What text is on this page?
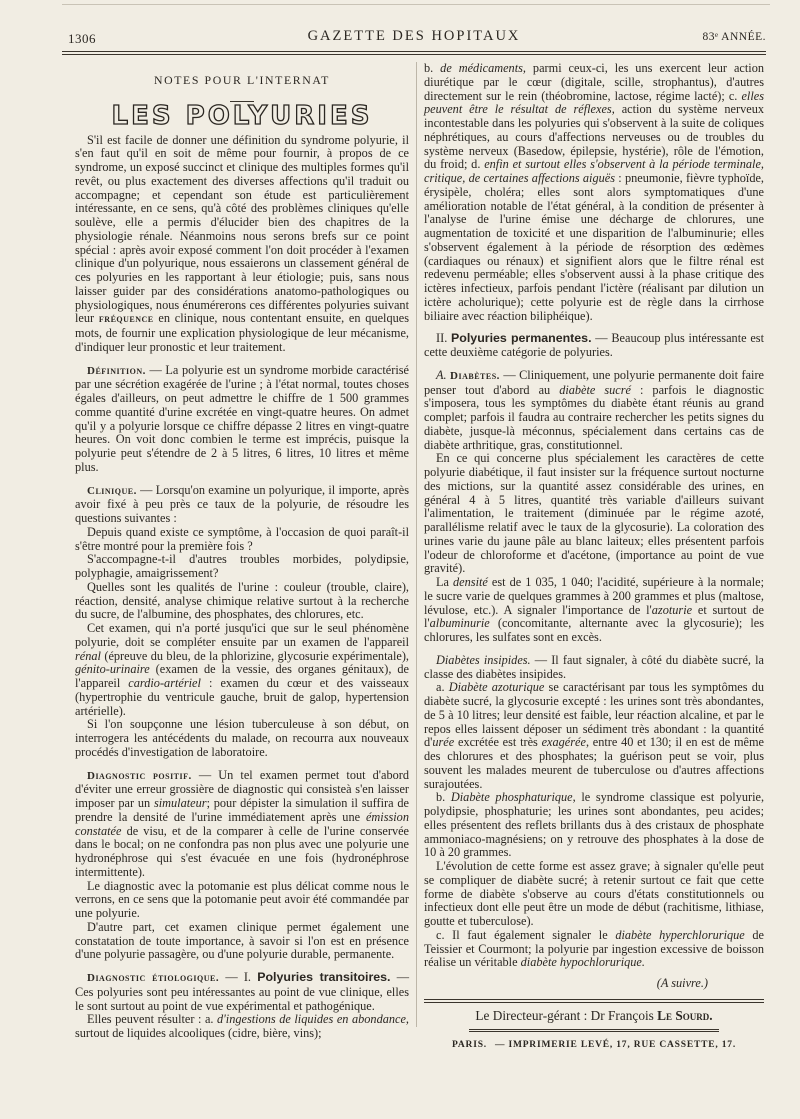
1306	GAZETTE DES HOPITAUX	83ᵉ ANNÉE.
NOTES POUR L'INTERNAT
LES POLYURIES

S'il est facile de donner une définition du syndrome polyurie, il s'en faut qu'il en soit de même pour fournir, à propos de ce syndrome, un exposé succinct et clinique des multiples formes qu'il revêt, ou plus exactement des diverses affections qu'il traduit ou accompagne; et cependant son étude est particulièrement intéressante, en ce sens, qu'à côté des problèmes cliniques qu'elle soulève, elle a permis d'élucider bien des chapitres de la physiologie rénale. Néanmoins nous serons brefs sur ce point spécial : après avoir exposé comment l'on doit procéder à l'examen clinique d'un polyurique, nous essaierons un classement général de ces polyuries en les rapportant à leur étiologie; puis, sans nous laisser guider par des considérations anatomo-pathologiques ou physiologiques, nous énumérerons ces différentes polyuries suivant leur fréquence en clinique, nous contentant ensuite, en quelques mots, de fournir une explication physiologique de leur mécanisme, d'indiquer leur pronostic et leur traitement.

Définition. — La polyurie est un syndrome morbide caractérisé par une sécrétion exagérée de l'urine ; à l'état normal, toutes choses égales d'ailleurs, on peut admettre le chiffre de 1 500 grammes comme quantité d'urine excrétée en vingt-quatre heures. On admet qu'il y a polyurie lorsque ce chiffre dépasse 2 litres en vingt-quatre heures. On voit donc combien le terme est imprécis, puisque la polyurie peut s'étendre de 2 à 5 litres, 6 litres, 10 litres et même plus.

Clinique. — Lorsqu'on examine un polyurique, il importe, après avoir fixé à peu près ce taux de la polyurie, de résoudre les questions suivantes :

Depuis quand existe ce symptôme, à l'occasion de quoi paraît-il s'être montré pour la première fois ?

S'accompagne-t-il d'autres troubles morbides, polydipsie, polyphagie, amaigrissement?

Quelles sont les qualités de l'urine : couleur (trouble, claire), réaction, densité, analyse chimique relative surtout à la recherche du sucre, de l'albumine, des phosphates, des chlorures, etc.

Cet examen, qui n'a porté jusqu'ici que sur le seul phénomène polyurie, doit se compléter ensuite par un examen de l'appareil rénal (épreuve du bleu, de la phlorizine, glycosurie expérimentale), génito-urinaire (examen de la vessie, des organes génitaux), de l'appareil cardio-artériel : examen du cœur et des vaisseaux (hypertrophie du ventricule gauche, bruit de galop, hypertension artérielle).

Si l'on soupçonne une lésion tuberculeuse à son début, on interrogera les antécédents du malade, on recourra aux nouveaux procédés d'investigation de laboratoire.

Diagnostic positif. — Un tel examen permet tout d'abord d'éviter une erreur grossière de diagnostic qui consisteà s'en laisser imposer par un simulateur; pour dépister la simulation il suffira de prendre la densité de l'urine immédiatement après une émission constatée de visu, et de la comparer à celle de l'urine conservée dans le bocal; on ne confondra pas non plus avec une polyurie une hydronéphrose qui s'est évacuée en une fois (hydronéphrose intermittente).

Le diagnostic avec la potomanie est plus délicat comme nous le verrons, en ce sens que la potomanie peut avoir été commandée par une polyurie.

D'autre part, cet examen clinique permet également une constatation de toute importance, à savoir si l'on est en présence d'une polyurie passagère, ou d'une polyurie durable, permanente.

Diagnostic étiologique. — I. Polyuries transitoires. — Ces polyuries sont peu intéressantes au point de vue clinique, elles le sont surtout au point de vue expérimental et pathogénique.

Elles peuvent résulter : a. d'ingestions de liquides en abondance, surtout de liquides alcooliques (cidre, bière, vins);

b. de médicaments, parmi ceux-ci, les uns exercent leur action diurétique par le cœur (digitale, scille, strophantus), d'autres directement sur le rein (théobromine, lactose, régime lacté); c. elles peuvent être le résultat de réflexes, action du système nerveux incontestable dans les polyuries qui s'observent à la suite de coliques néphrétiques, au cours d'affections nerveuses ou de troubles du système nerveux (Basedow, épilepsie, hystérie), rôle de l'émotion, du froid; d. enfin et surtout elles s'observent à la période terminale, critique, de certaines affections aiguës : pneumonie, fièvre typhoïde, érysipèle, choléra; elles sont alors symptomatiques d'une amélioration notable de l'état général, à la condition de présenter à l'analyse de l'urine émise une décharge de chlorures, une augmentation de toxicité et une disparition de l'albuminurie; elles s'observent également à la période de résorption des œdèmes (cardiaques ou rénaux) et signifient alors que le filtre rénal est redevenu perméable; elles s'observent aussi à la phase critique des ictères infectieux, parfois pendant l'ictère (réalisant par dilution un ictère acholurique); cette polyurie est de règle dans la cirrhose biliaire avec réaction biliphéique).

II. Polyuries permanentes. — Beaucoup plus intéressante est cette deuxième catégorie de polyuries.

A. Diabètes. — Cliniquement, une polyurie permanente doit faire penser tout d'abord au diabète sucré : parfois le diagnostic s'imposera, tous les symptômes du diabète étant réunis au grand complet; parfois il faudra au contraire rechercher les petits signes du diabète, jusque-là méconnus, spécialement dans certains cas de diabète arthritique, gras, constitutionnel.

En ce qui concerne plus spécialement les caractères de cette polyurie diabétique, il faut insister sur la fréquence surtout nocturne des mictions, sur la quantité assez considérable des urines, en général 4 à 5 litres, quantité très variable d'ailleurs suivant l'alimentation, le traitement (diminuée par le régime azoté, parallélisme relatif avec le taux de la glycosurie). La coloration des urines varie du jaune pâle au blanc laiteux; elles présentent parfois l'odeur de chloroforme et d'acétone, (importance au point de vue gravité).

La densité est de 1 035, 1 040; l'acidité, supérieure à la normale; le sucre varie de quelques grammes à 200 grammes et plus (maltose, lévulose, etc.). A signaler l'importance de l'azoturie et surtout de l'albuminurie (concomitante, alternante avec la glycosurie); les chlorures, les sulfates sont en excès.

Diabètes insipides. — Il faut signaler, à côté du diabète sucré, la classe des diabètes insipides.

a. Diabète azoturique se caractérisant par tous les symptômes du diabète sucré, la glycosurie excepté : les urines sont très abondantes, de 5 à 10 litres; leur densité est faible, leur réaction alcaline, et par le repos elles laissent déposer un sédiment très abondant : la quantité d'urée excrétée est très exagérée, entre 40 et 130; il en est de même des chlorures et des phosphates; la guérison peut se voir, plus souvent les malades meurent de tuberculose ou d'autres affections surajoutées.

b. Diabète phosphaturique, le syndrome classique est polyurie, polydipsie, phosphaturie; les urines sont abondantes, peu acides; elles présentent des reflets brillants dus à des cristaux de phosphate ammoniaco-magnésiens; on y retrouve des phosphates à la dose de 10 à 20 grammes.

L'évolution de cette forme est assez grave; à signaler qu'elle peut se compliquer de diabète sucré; à retenir surtout ce fait que cette forme de diabète s'observe au cours d'états constitutionnels ou infectieux dont elle peut être un mode de début (rachitisme, lithiase, goutte et tuberculose).

c. Il faut également signaler le diabète hyperchlorurique de Teissier et Courmont; la polyurie par ingestion excessive de boisson réalise un véritable diabète hypochlorurique.

(A suivre.)
Le Directeur-gérant : Dr François Le Sourd.
PARIS. — IMPRIMERIE LEVÉ, 17, RUE CASSETTE, 17.
